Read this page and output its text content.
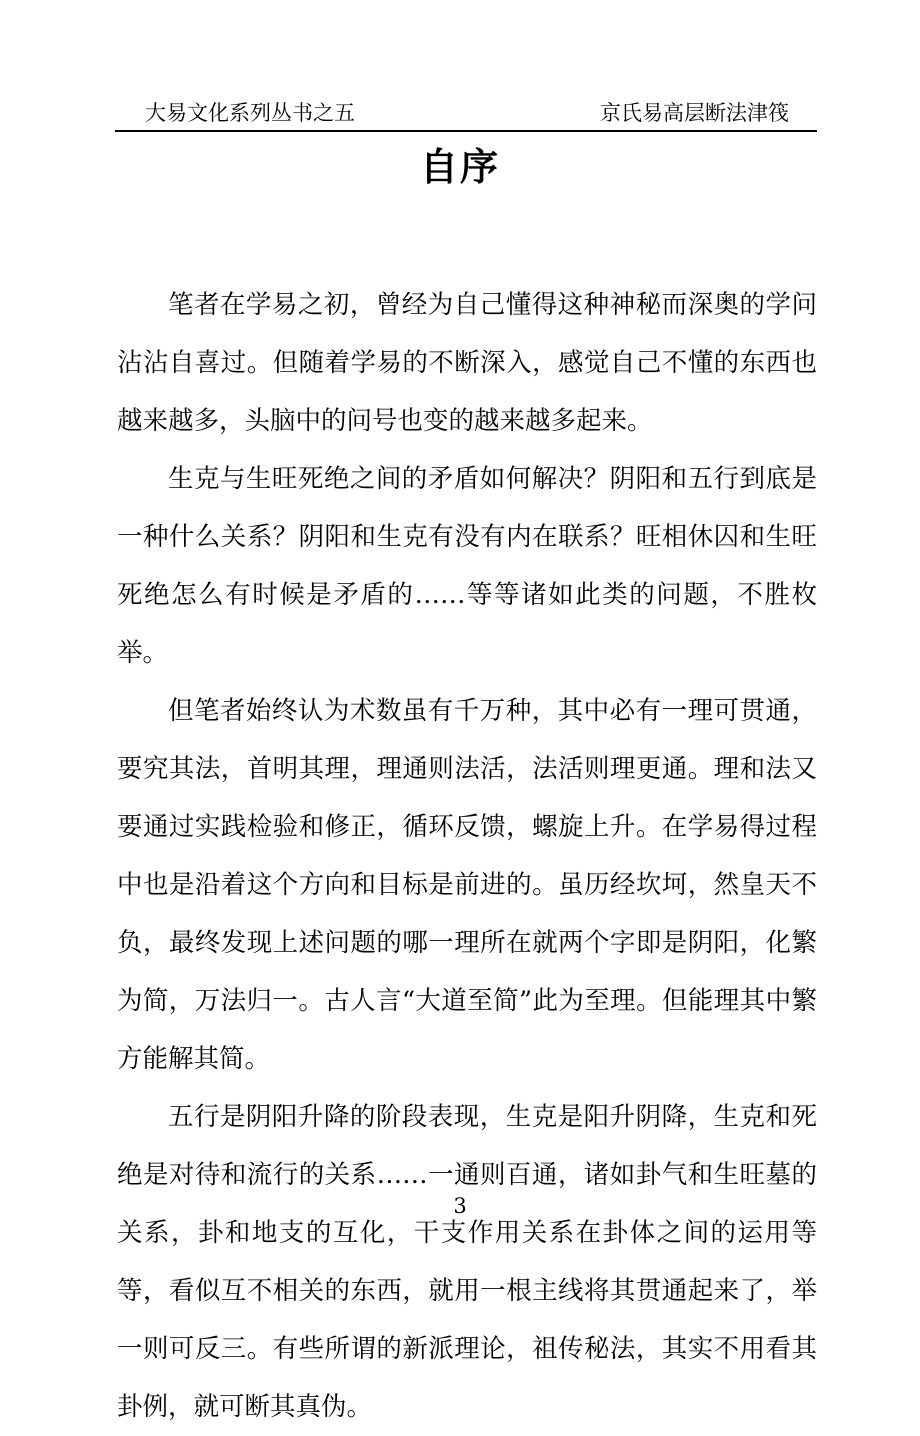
大易文化系列丛书之五	京氏易高层断法津筏
自序

笔者在学易之初，曾经为自己懂得这种神秘而深奥的学问沾沾自喜过。但随着学易的不断深入，感觉自己不懂的东西也越来越多，头脑中的问号也变的越来越多起来。

生克与生旺死绝之间的矛盾如何解决？阴阳和五行到底是一种什么关系？阴阳和生克有没有内在联系？旺相休囚和生旺死绝怎么有时候是矛盾的……等等诸如此类的问题，不胜枚举。

但笔者始终认为术数虽有千万种，其中必有一理可贯通，要究其法，首明其理，理通则法活，法活则理更通。理和法又要通过实践检验和修正，循环反馈，螺旋上升。在学易得过程中也是沿着这个方向和目标是前进的。虽历经坎坷，然皇天不负，最终发现上述问题的哪一理所在就两个字即是阴阳，化繁为简，万法归一。古人言“大道至简”此为至理。但能理其中繁方能解其简。

五行是阴阳升降的阶段表现，生克是阳升阴降，生克和死绝是对待和流行的关系……一通则百通，诸如卦气和生旺墓的关系，卦和地支的互化，干支作用关系在卦体之间的运用等等，看似互不相关的东西，就用一根主线将其贯通起来了，举一则可反三。有些所谓的新派理论，祖传秘法，其实不用看其卦例，就可断其真伪。

3
